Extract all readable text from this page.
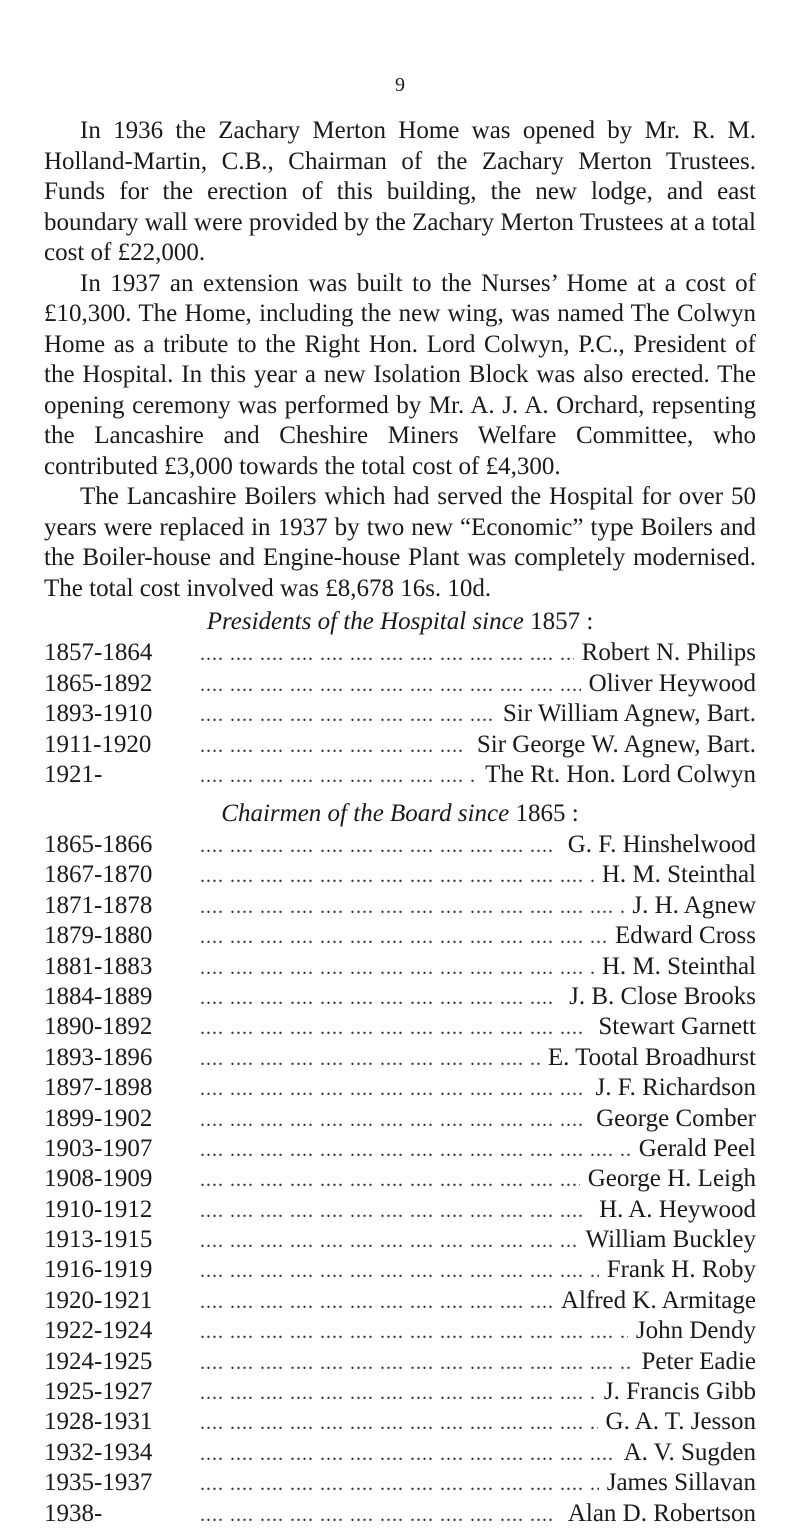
9

In 1936 the Zachary Merton Home was opened by Mr. R. M. Holland-Martin, C.B., Chairman of the Zachary Merton Trustees. Funds for the erection of this building, the new lodge, and east boundary wall were provided by the Zachary Merton Trustees at a total cost of £22,000.

In 1937 an extension was built to the Nurses’ Home at a cost of £10,300. The Home, including the new wing, was named The Colwyn Home as a tribute to the Right Hon. Lord Colwyn, P.C., President of the Hospital. In this year a new Isolation Block was also erected. The opening ceremony was performed by Mr. A. J. A. Orchard, repsenting the Lancashire and Cheshire Miners Welfare Committee, who contributed £3,000 towards the total cost of £4,300.

The Lancashire Boilers which had served the Hospital for over 50 years were replaced in 1937 by two new “Economic” type Boilers and the Boiler-house and Engine-house Plant was completely modernised. The total cost involved was £8,678 16s. 10d.

Presidents of the Hospital since 1857 :
1857-1864 ....	Robert N. Philips
1865-1892 ....	Oliver Heywood
1893-1910 ....	Sir William Agnew, Bart.
1911-1920 ....	Sir George W. Agnew, Bart.
1921- ....	The Rt. Hon. Lord Colwyn
Chairmen of the Board since 1865 :
1865-1866 ....	G. F. Hinshelwood
1867-1870 ....	H. M. Steinthal
1871-1878 ....	J. H. Agnew
1879-1880 ....	Edward Cross
1881-1883 ....	H. M. Steinthal
1884-1889 ....	J. B. Close Brooks
1890-1892 ....	Stewart Garnett
1893-1896 ....	E. Tootal Broadhurst
1897-1898 ....	J. F. Richardson
1899-1902 ....	George Comber
1903-1907 ....	Gerald Peel
1908-1909 ....	George H. Leigh
1910-1912 ....	H. A. Heywood
1913-1915 ....	William Buckley
1916-1919 ....	Frank H. Roby
1920-1921 ....	Alfred K. Armitage
1922-1924 ....	John Dendy
1924-1925 ....	Peter Eadie
1925-1927 ....	J. Francis Gibb
1928-1931 ....	G. A. T. Jesson
1932-1934 ....	A. V. Sugden
1935-1937 ....	James Sillavan
1938- ....	Alan D. Robertson
